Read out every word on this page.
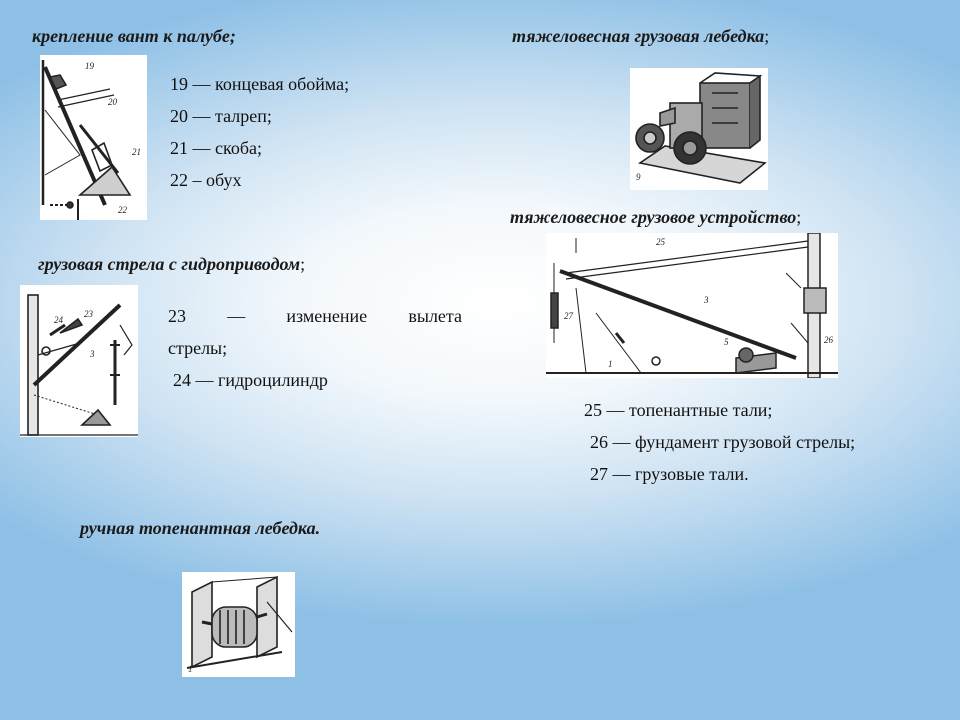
крепление вант к палубе;
19
20
21
22
19 — концевая обойма;
20 — талреп;
21 — скоба;
22 – обух
грузовая стрела с гидроприводом;
23
24
3
23 — изменение вылета
стрелы;
24 — гидроцилиндр
ручная топенантная лебедка.
1
тяжеловесная грузовая лебедка;
9
тяжеловесное грузовое устройство;
25
27
3
5	26
1
25 — топенантные тали;
26 — фундамент грузовой стрелы;
27 — грузовые тали.
